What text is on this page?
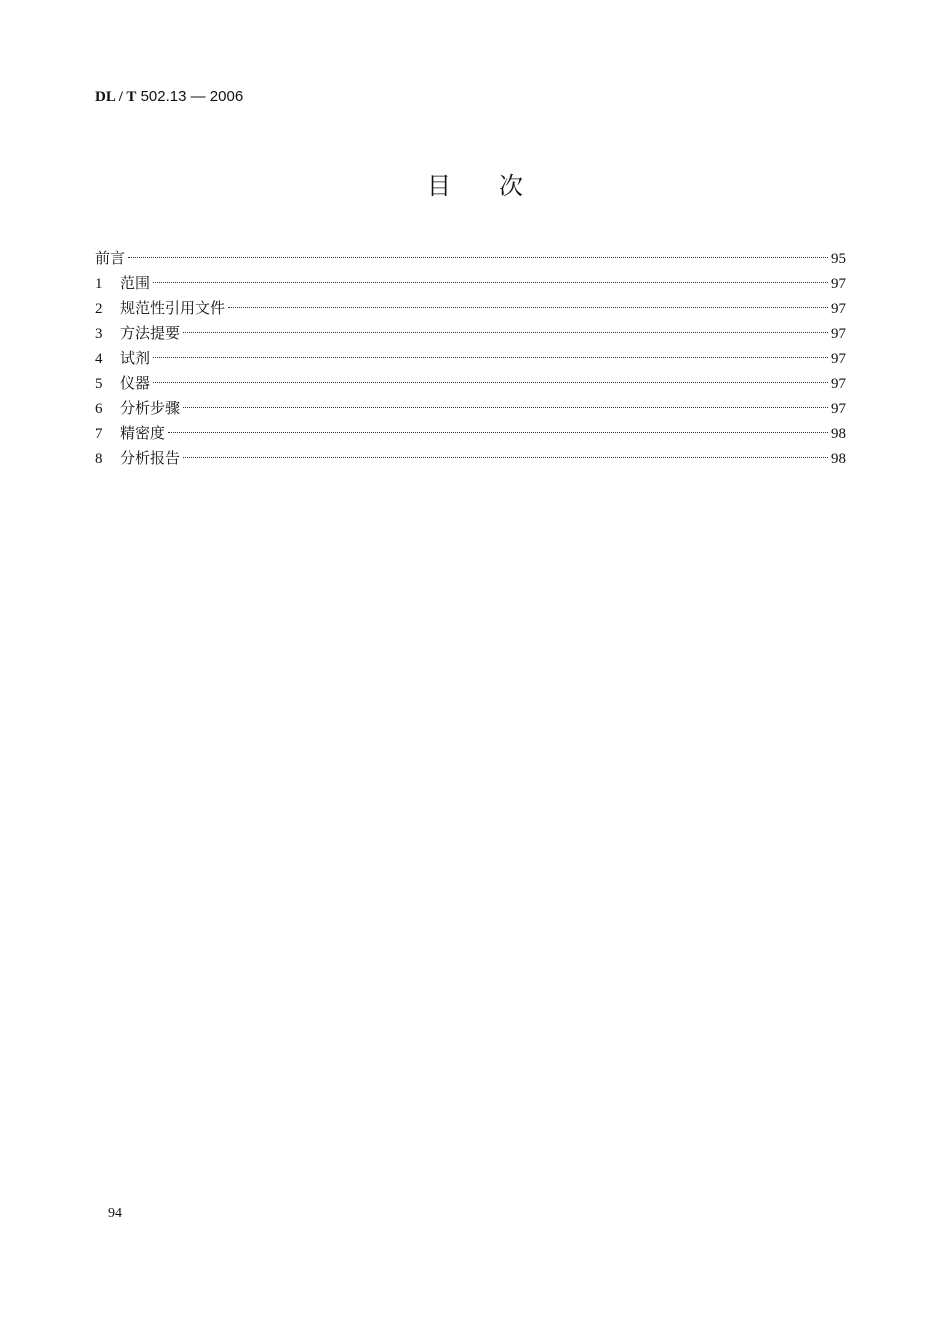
DL / T 502.13 — 2006
目 次
前言	95
1	范围	97
2	规范性引用文件	97
3	方法提要	97
4	试剂	97
5	仪器	97
6	分析步骤	97
7	精密度	98
8	分析报告	98
94
